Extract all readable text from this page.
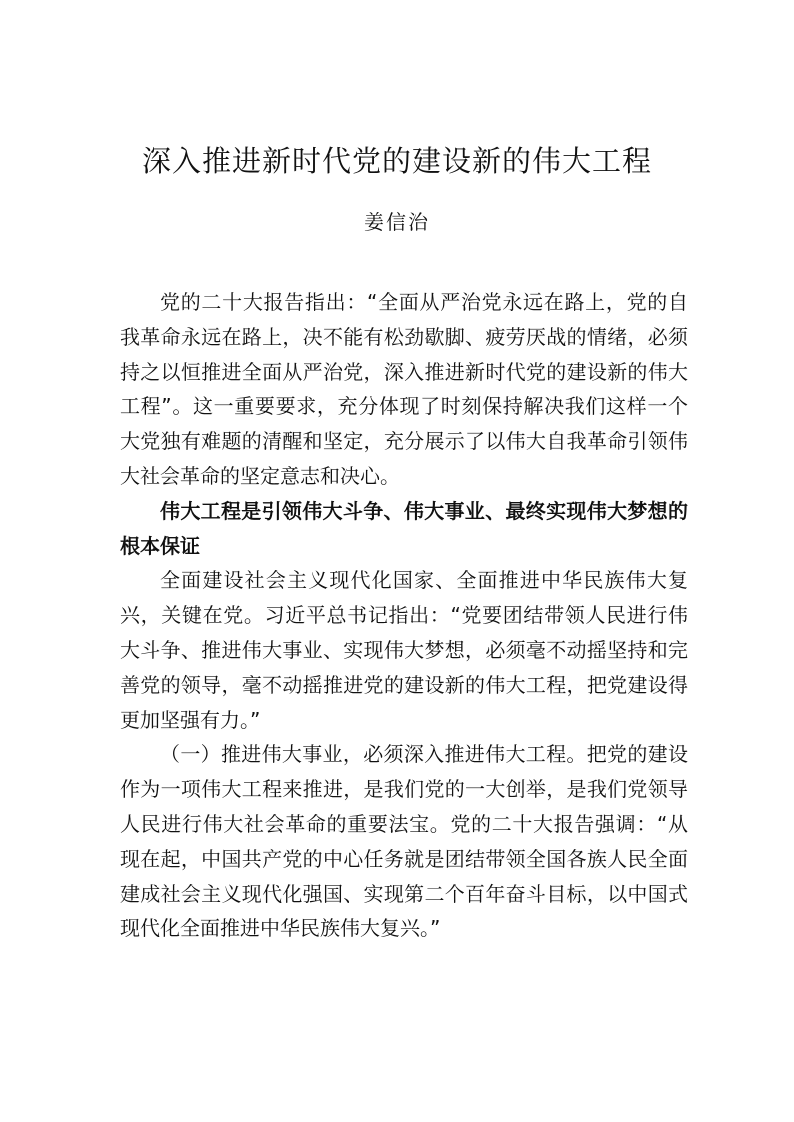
深入推进新时代党的建设新的伟大工程
姜信治

党的二十大报告指出：“全面从严治党永远在路上，党的自我革命永远在路上，决不能有松劲歇脚、疲劳厌战的情绪，必须持之以恒推进全面从严治党，深入推进新时代党的建设新的伟大工程”。这一重要要求，充分体现了时刻保持解决我们这样一个大党独有难题的清醒和坚定，充分展示了以伟大自我革命引领伟大社会革命的坚定意志和决心。

伟大工程是引领伟大斗争、伟大事业、最终实现伟大梦想的根本保证

全面建设社会主义现代化国家、全面推进中华民族伟大复兴，关键在党。习近平总书记指出：“党要团结带领人民进行伟大斗争、推进伟大事业、实现伟大梦想，必须毫不动摇坚持和完善党的领导，毫不动摇推进党的建设新的伟大工程，把党建设得更加坚强有力。”

（一）推进伟大事业，必须深入推进伟大工程。把党的建设作为一项伟大工程来推进，是我们党的一大创举，是我们党领导人民进行伟大社会革命的重要法宝。党的二十大报告强调：“从现在起，中国共产党的中心任务就是团结带领全国各族人民全面建成社会主义现代化强国、实现第二个百年奋斗目标，以中国式现代化全面推进中华民族伟大复兴。”
